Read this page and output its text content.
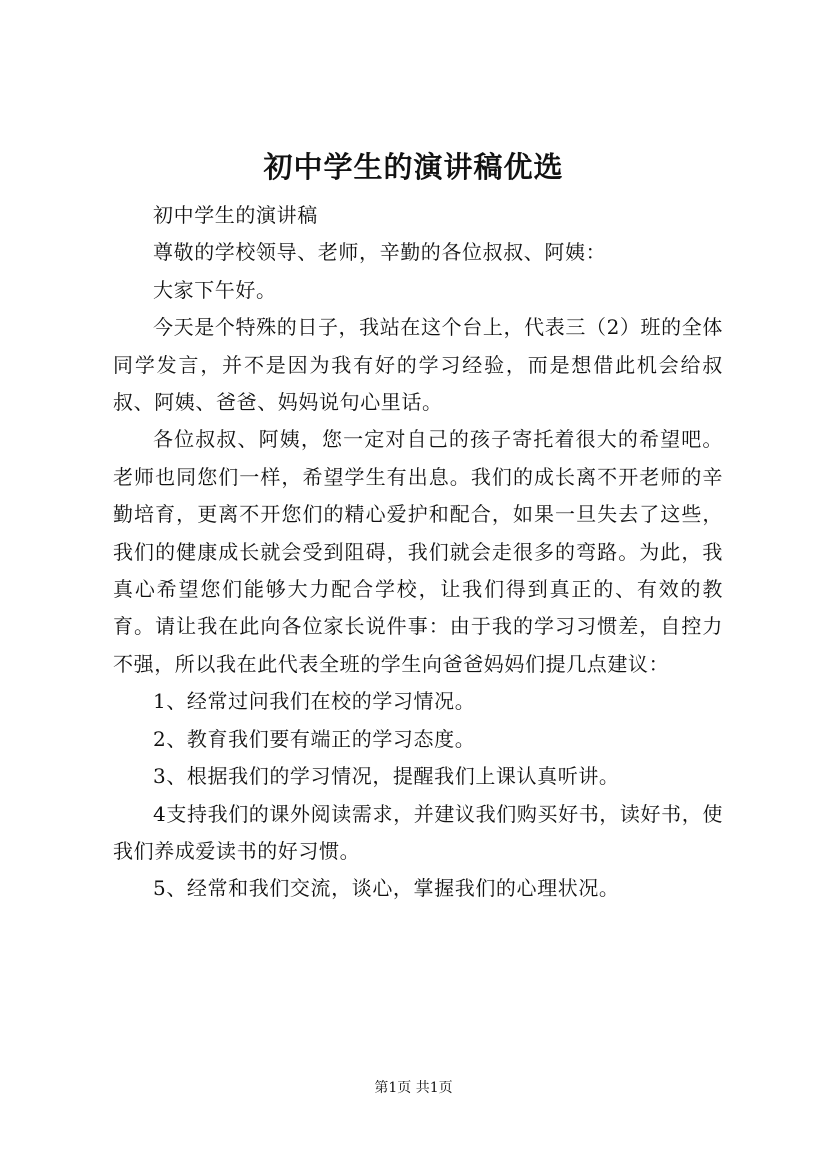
初中学生的演讲稿优选

初中学生的演讲稿

尊敬的学校领导、老师，辛勤的各位叔叔、阿姨：

大家下午好。

今天是个特殊的日子，我站在这个台上，代表三（2）班的全体同学发言，并不是因为我有好的学习经验，而是想借此机会给叔叔、阿姨、爸爸、妈妈说句心里话。

各位叔叔、阿姨，您一定对自己的孩子寄托着很大的希望吧。老师也同您们一样，希望学生有出息。我们的成长离不开老师的辛勤培育，更离不开您们的精心爱护和配合，如果一旦失去了这些，我们的健康成长就会受到阻碍，我们就会走很多的弯路。为此，我真心希望您们能够大力配合学校，让我们得到真正的、有效的教育。请让我在此向各位家长说件事：由于我的学习习惯差，自控力不强，所以我在此代表全班的学生向爸爸妈妈们提几点建议：

1、经常过问我们在校的学习情况。

2、教育我们要有端正的学习态度。

3、根据我们的学习情况，提醒我们上课认真听讲。

4支持我们的课外阅读需求，并建议我们购买好书，读好书，使我们养成爱读书的好习惯。

5、经常和我们交流，谈心，掌握我们的心理状况。

第1页 共1页
